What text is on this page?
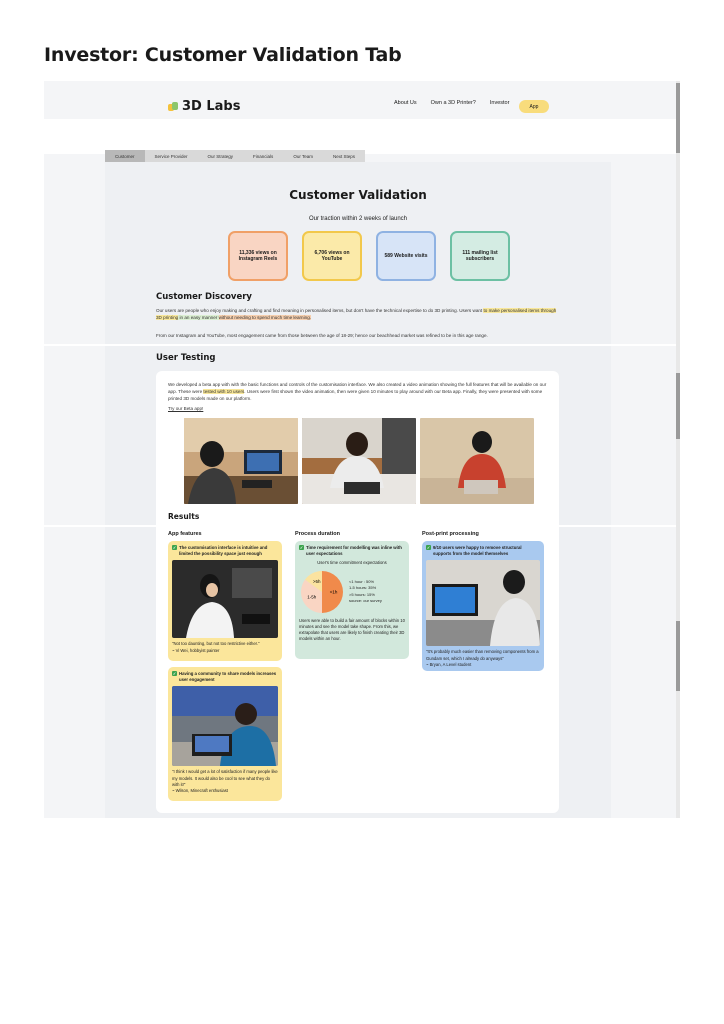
Investor: Customer Validation Tab
3D Labs	About Us	Own a 3D Printer?	Investor
App
Customer	Service Provider	Our Strategy	Financials	Our Team	Next Steps
Customer Validation
Our traction within 2 weeks of launch
11,336 views on Instagram Reels
6,706 views on YouTube
589 Website visits
111 mailing list subscribers
Customer Discovery
Our users are people who enjoy making and crafting and find meaning in personalised items, but don't have the technical expertise to do 3D printing. Users want to make personalised items through 3D printing in an easy manner without needing to spend much time learning.
From our Instagram and YouTube, most engagement came from those between the age of 18-29; hence our beachhead market was refined to be in this age range.
User Testing
We developed a beta app with with the basic functions and controls of the customisation interface. We also created a video animation showing the full features that will be available on our app. These were tested with 10 users. Users were first shown the video animation, then were given 10 minutes to play around with our Beta app. Finally, they were presented with some printed 3D models made on our platform.
Try our Beta app!
Results
App features	Process duration	Post-print processing
✓ The customisation interface is intuitive and limited the possibility space just enough
"Not too daunting, but not too restrictive either."
~ Vi Wei, hobbyist painter
✓ Having a community to share models increases user engagement
"I think I would get a lot of satisfaction if many people like my models. It would also be cool to see what they do with it!"
~ Wilson, Minecraft enthusiast
✓ Time requirement for modelling was inline with user expectations
User's time commitment expectations
<1h
1-5h
>5h	<1 hour : 50%
1-5 hours: 35%
>5 hours: 15%
source: our survey
Users were able to build a fair amount of blocks within 10 minutes and see the model take shape. From this, we extrapolate that users are likely to finish creating their 3D models within an hour.
✓ 9/10 users were happy to remove structural supports from the model themselves
"It's probably much easier than removing components from a Gundam set, which I already do anyways"
~ Bryan, A Level student
